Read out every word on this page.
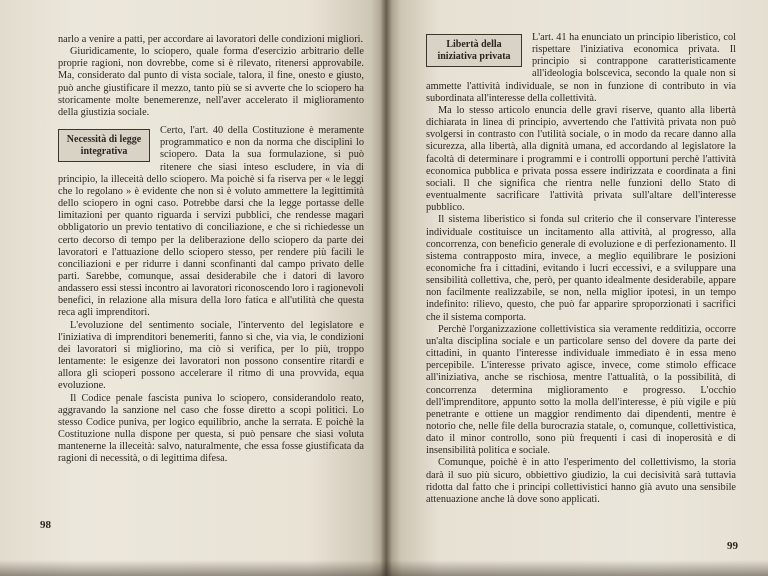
narlo a venire a patti, per accordare ai lavoratori delle condizioni migliori.

Giuridicamente, lo sciopero, quale forma d'esercizio arbitrario delle proprie ragioni, non dovrebbe, come si è rilevato, ritenersi approvabile. Ma, considerato dal punto di vista sociale, talora, il fine, onesto e giusto, può anche giustificare il mezzo, tanto più se si avverte che lo sciopero ha storicamente molte benemerenze, nell'aver accelerato il miglioramento della giustizia sociale.

Necessità di legge integrativa

Certo, l'art. 40 della Costituzione è meramente programmatico e non da norma che disciplini lo sciopero. Data la sua formulazione, si può ritenere che siasi inteso escludere, in via di principio, la illeceità dello sciopero. Ma poichè si fa riserva per « le leggi che lo regolano » è evidente che non si è voluto ammettere la legittimità dello sciopero in ogni caso. Potrebbe darsi che la legge portasse delle limitazioni per quanto riguarda i servizi pubblici, che rendesse magari obbligatorio un previo tentativo di conciliazione, e che si richiedesse un certo decorso di tempo per la deliberazione dello sciopero da parte dei lavoratori e l'attuazione dello sciopero stesso, per rendere più facili le conciliazioni e per ridurre i danni sconfinanti dal campo privato delle parti. Sarebbe, comunque, assai desiderabile che i datori di lavoro andassero essi stessi incontro ai lavoratori riconoscendo loro i ragionevoli benefici, in relazione alla misura della loro fatica e all'utilità che questa reca agli imprenditori.

L'evoluzione del sentimento sociale, l'intervento del legislatore e l'iniziativa di imprenditori benemeriti, fanno sì che, via via, le condizioni dei lavoratori si migliorino, ma ciò si verifica, per lo più, troppo lentamente: le esigenze dei lavoratori non possono consentire ritardi e allora gli scioperi possono accelerare il ritmo di una provvida, equa evoluzione.

Il Codice penale fascista puniva lo sciopero, considerandolo reato, aggravando la sanzione nel caso che fosse diretto a scopi politici. Lo stesso Codice puniva, per logico equilibrio, anche la serrata. E poichè la Costituzione nulla dispone per questa, si può pensare che siasi voluta mantenerne la illeceità: salvo, naturalmente, che essa fosse giustificata da ragioni di necessità, o di legittima difesa.

98
Libertà della iniziativa privata

L'art. 41 ha enunciato un principio liberistico, col rispettare l'iniziativa economica privata. Il principio si contrappone caratteristicamente all'ideologia bolscevica, secondo la quale non si ammette l'attività individuale, se non in funzione di contributo in via subordinata all'interesse della collettività.

Ma lo stesso articolo enuncia delle gravi riserve, quanto alla libertà dichiarata in linea di principio, avvertendo che l'attività privata non può svolgersi in contrasto con l'utilità sociale, o in modo da recare danno alla sicurezza, alla libertà, alla dignità umana, ed accordando al legislatore la facoltà di determinare i programmi e i controlli opportuni perchè l'attività economica pubblica e privata possa essere indirizzata e coordinata a fini sociali. Il che significa che rientra nelle funzioni dello Stato di eventualmente sacrificare l'attività privata sull'altare dell'interesse pubblico.

Il sistema liberistico si fonda sul criterio che il conservare l'interesse individuale costituisce un incitamento alla attività, al progresso, alla concorrenza, con beneficio generale di evoluzione e di perfezionamento. Il sistema contrapposto mira, invece, a meglio equilibrare le posizioni economiche fra i cittadini, evitando i lucri eccessivi, e a sviluppare una sensibilità collettiva, che, però, per quanto idealmente desiderabile, appare non facilmente realizzabile, se non, nella miglior ipotesi, in un tempo indefinito: rilievo, questo, che può far apparire sproporzionati i sacrifici che il sistema comporta.

Perchè l'organizzazione collettivistica sia veramente redditizia, occorre un'alta disciplina sociale e un particolare senso del dovere da parte dei cittadini, in quanto l'interesse individuale immediato è in essa meno percepibile. L'interesse privato agisce, invece, come stimolo efficace all'iniziativa, anche se rischiosa, mentre l'attualità, o la possibilità, di concorrenza determina miglioramento e progresso. L'occhio dell'imprenditore, appunto sotto la molla dell'interesse, è più vigile e più penetrante e ottiene un maggior rendimento dai dipendenti, mentre è notorio che, nelle file della burocrazia statale, o, comunque, collettivistica, dato il minor controllo, sono più frequenti i casi di inoperosità e di insensibilità politica e sociale.

Comunque, poichè è in atto l'esperimento del collettivismo, la storia darà il suo più sicuro, obbiettivo giudizio, la cui decisività sarà tuttavia ridotta dal fatto che i principi collettivistici hanno già avuto una sensibile attenuazione anche là dove sono applicati.

99
